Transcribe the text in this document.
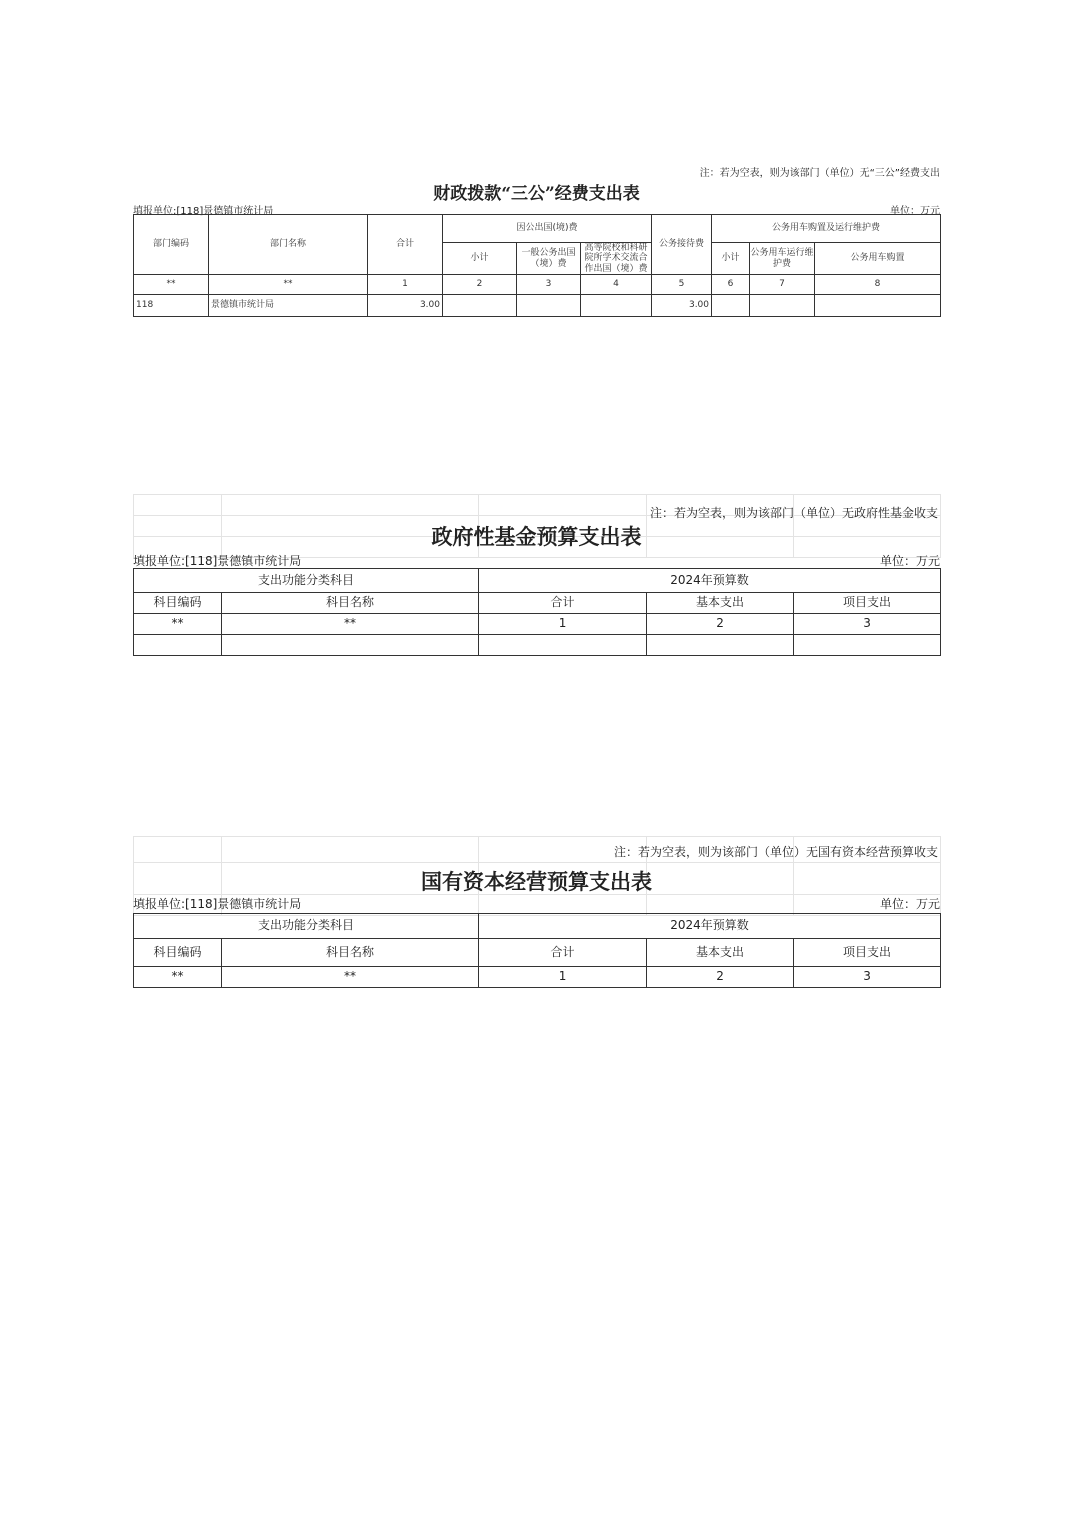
注：若为空表，则为该部门（单位）无“三公”经费支出
财政拨款“三公”经费支出表
填报单位:[118]景德镇市统计局	单位：万元
部门编码	部门名称	合计	因公出国(境)费			公务接待费	公务用车购置及运行维护费		
			小计	一般公务出国（境）费	高等院校和科研院所学术交流合作出国（境）费		小计	公务用车运行维护费	公务用车购置
**	**	1	2	3	4	5	6	7	8
118	景德镇市统计局	3.00				3.00			

注：若为空表，则为该部门（单位）无政府性基金收支
政府性基金预算支出表
填报单位:[118]景德镇市统计局	单位：万元
支出功能分类科目		2024年预算数		
科目编码	科目名称	合计	基本支出	项目支出
**	**	1	2	3

注：若为空表，则为该部门（单位）无国有资本经营预算收支
国有资本经营预算支出表
填报单位:[118]景德镇市统计局	单位：万元
支出功能分类科目		2024年预算数		
科目编码	科目名称	合计	基本支出	项目支出
**	**	1	2	3
